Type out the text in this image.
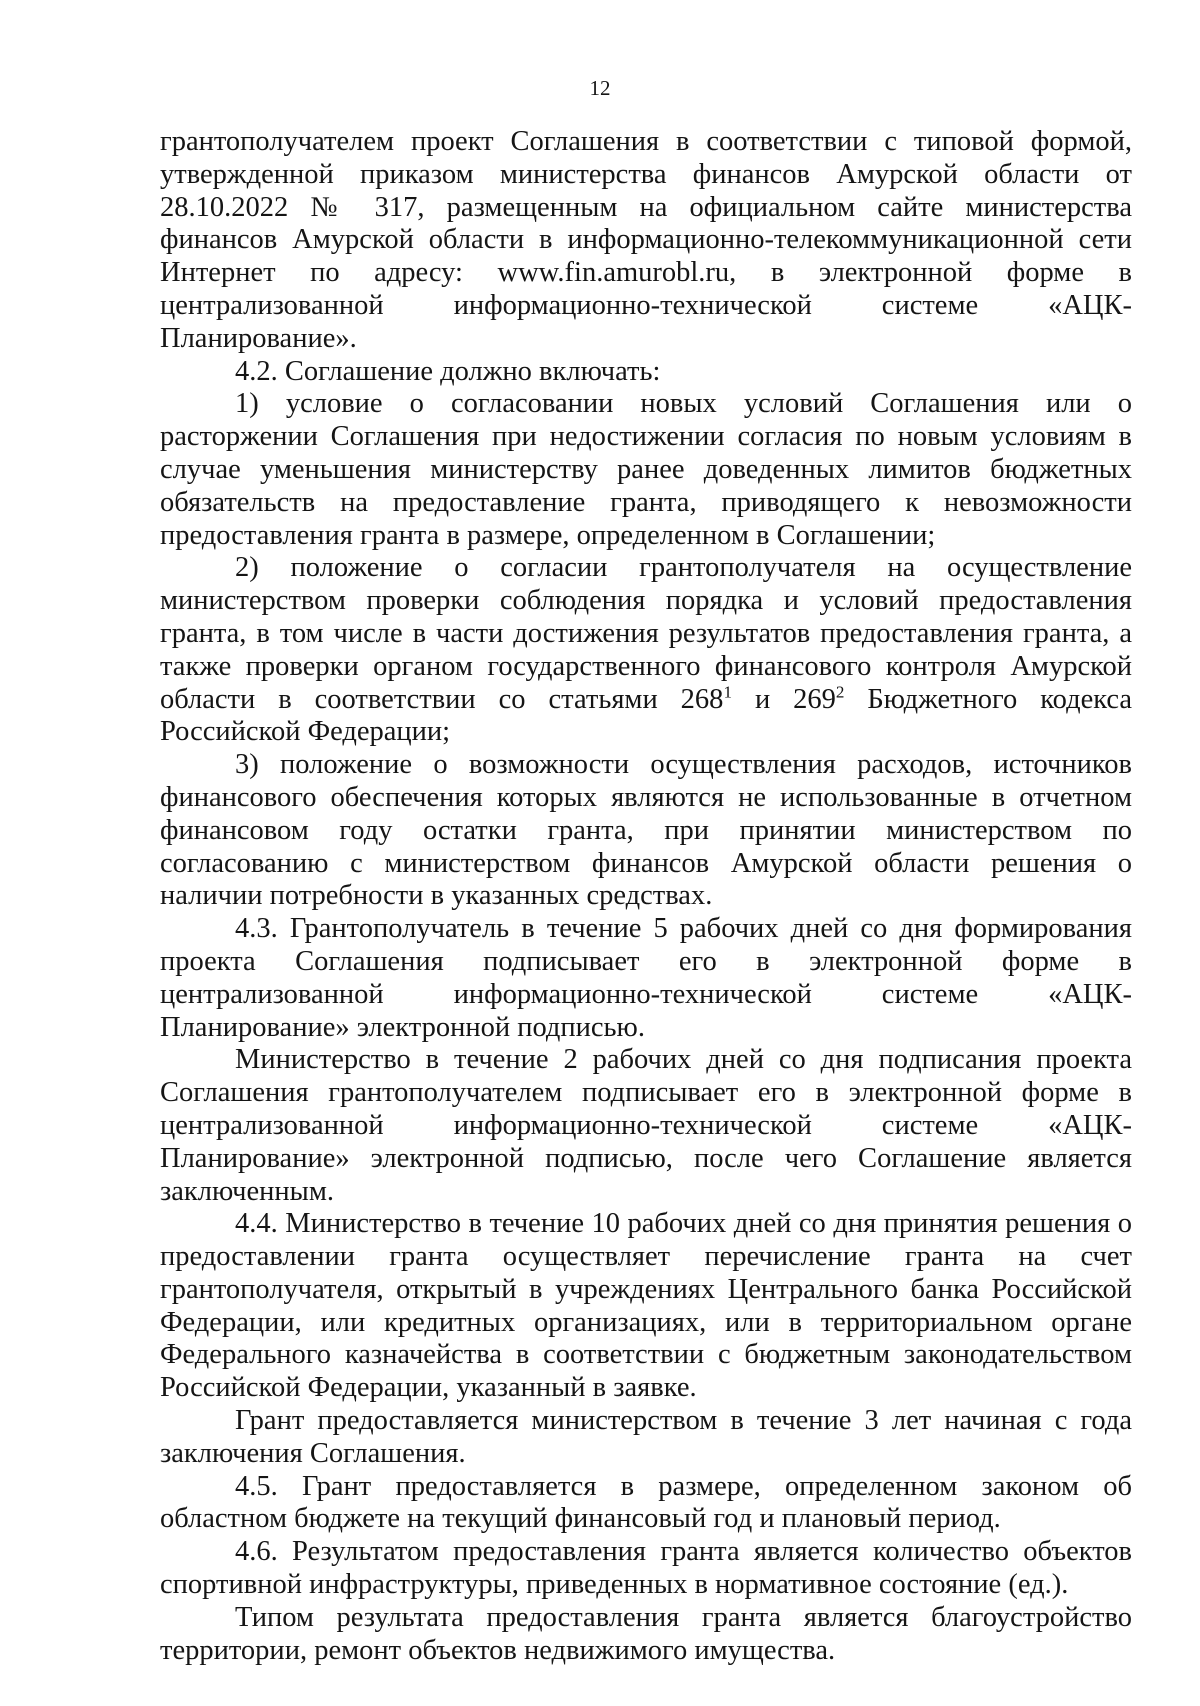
12

грантополучателем проект Соглашения в соответствии с типовой формой, утвержденной приказом министерства финансов Амурской области от 28.10.2022 № 317, размещенным на официальном сайте министерства финансов Амурской области в информационно-телекоммуникационной сети Интернет по адресу: www.fin.amurobl.ru, в электронной форме в централизованной информационно-технической системе «АЦК-Планирование».

4.2. Соглашение должно включать:

1) условие о согласовании новых условий Соглашения или о расторжении Соглашения при недостижении согласия по новым условиям в случае уменьшения министерству ранее доведенных лимитов бюджетных обязательств на предоставление гранта, приводящего к невозможности предоставления гранта в размере, определенном в Соглашении;

2) положение о согласии грантополучателя на осуществление министерством проверки соблюдения порядка и условий предоставления гранта, в том числе в части достижения результатов предоставления гранта, а также проверки органом государственного финансового контроля Амурской области в соответствии со статьями $268^1$ и $269^2$ Бюджетного кодекса Российской Федерации;

3) положение о возможности осуществления расходов, источников финансового обеспечения которых являются не использованные в отчетном финансовом году остатки гранта, при принятии министерством по согласованию с министерством финансов Амурской области решения о наличии потребности в указанных средствах.

4.3. Грантополучатель в течение 5 рабочих дней со дня формирования проекта Соглашения подписывает его в электронной форме в централизованной информационно-технической системе «АЦК-Планирование» электронной подписью.

Министерство в течение 2 рабочих дней со дня подписания проекта Соглашения грантополучателем подписывает его в электронной форме в централизованной информационно-технической системе «АЦК-Планирование» электронной подписью, после чего Соглашение является заключенным.

4.4. Министерство в течение 10 рабочих дней со дня принятия решения о предоставлении гранта осуществляет перечисление гранта на счет грантополучателя, открытый в учреждениях Центрального банка Российской Федерации, или кредитных организациях, или в территориальном органе Федерального казначейства в соответствии с бюджетным законодательством Российской Федерации, указанный в заявке.

Грант предоставляется министерством в течение 3 лет начиная с года заключения Соглашения.

4.5. Грант предоставляется в размере, определенном законом об областном бюджете на текущий финансовый год и плановый период.

4.6. Результатом предоставления гранта является количество объектов спортивной инфраструктуры, приведенных в нормативное состояние (ед.).

Типом результата предоставления гранта является благоустройство территории, ремонт объектов недвижимого имущества.
